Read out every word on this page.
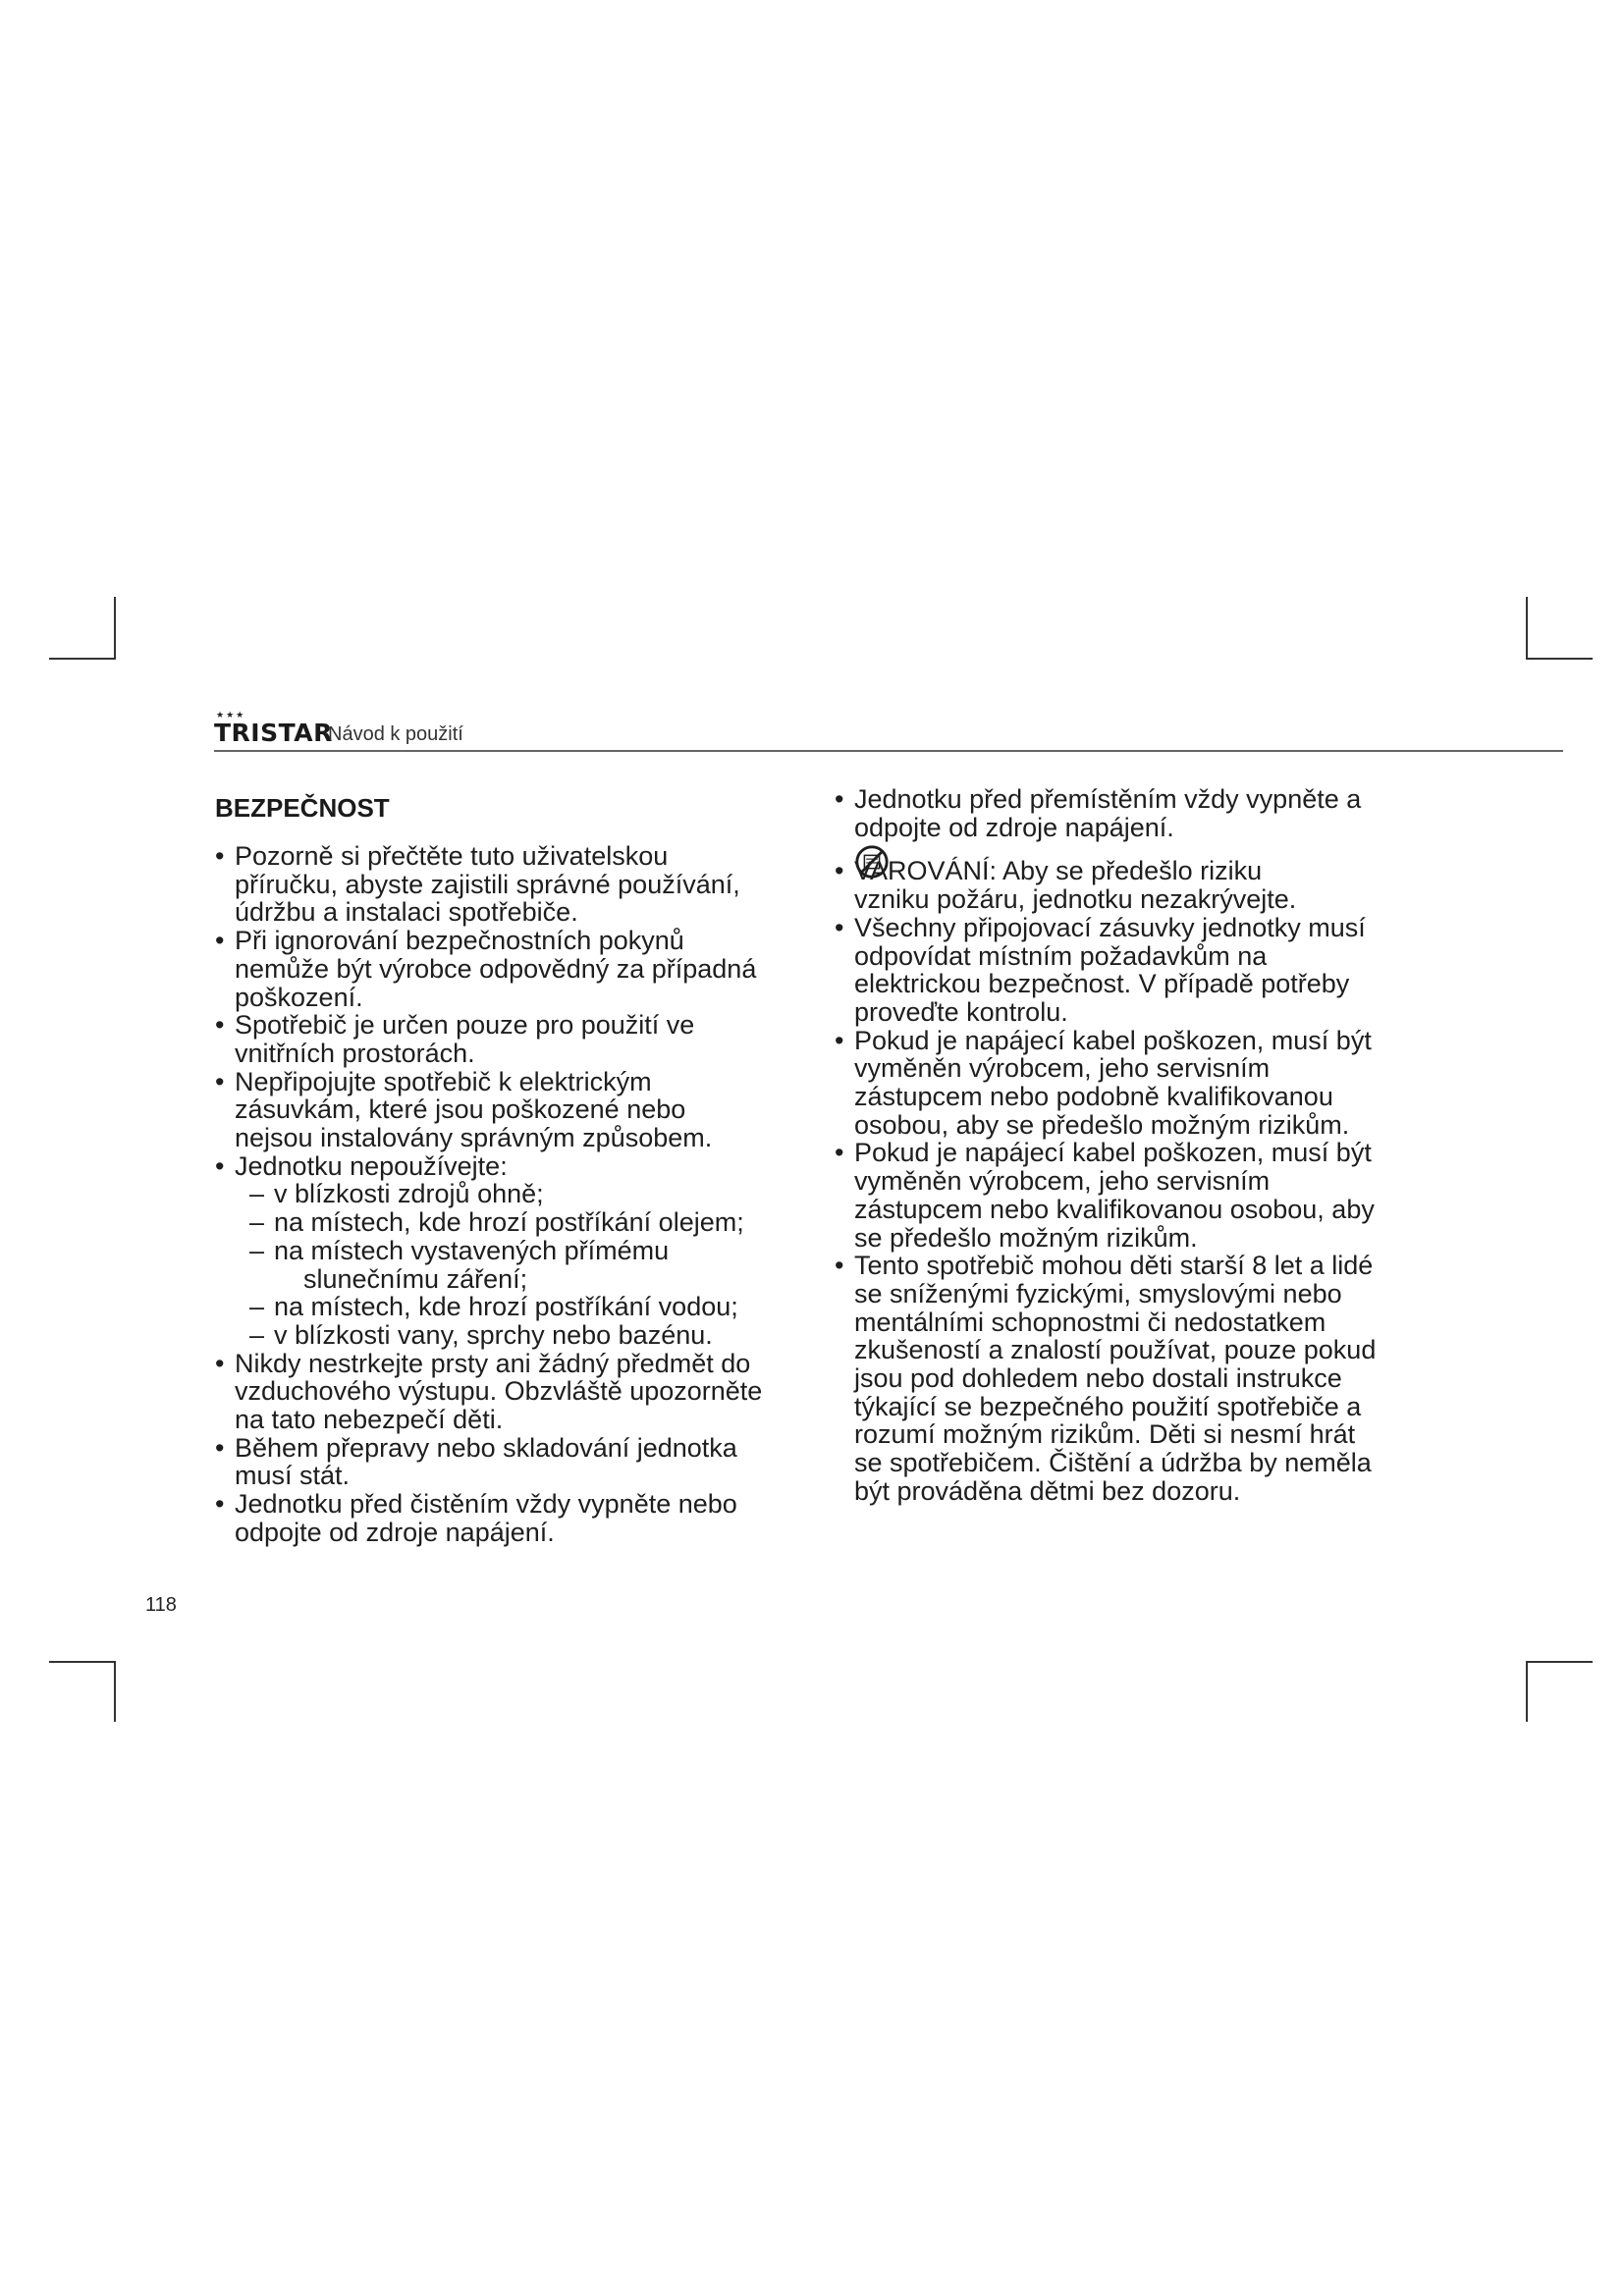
★★★
TRISTAR
Návod k použití
BEZPEČNOST

• Pozorně si přečtěte tuto uživatelskou
příručku, abyste zajistili správné používání,
údržbu a instalaci spotřebiče.

• Při ignorování bezpečnostních pokynů
nemůže být výrobce odpovědný za případná
poškození.

• Spotřebič je určen pouze pro použití ve
vnitřních prostorách.

• Nepřipojujte spotřebič k elektrickým
zásuvkám, které jsou poškozené nebo
nejsou instalovány správným způsobem.

• Jednotku nepoužívejte:

– v blízkosti zdrojů ohně;

– na místech, kde hrozí postříkání olejem;

– na místech vystavených přímému
slunečnímu záření;

– na místech, kde hrozí postříkání vodou;

– v blízkosti vany, sprchy nebo bazénu.

• Nikdy nestrkejte prsty ani žádný předmět do
vzduchového výstupu. Obzvláště upozorněte
na tato nebezpečí děti.

• Během přepravy nebo skladování jednotka
musí stát.

• Jednotku před čistěním vždy vypněte nebo
odpojte od zdroje napájení.

• Jednotku před přemístěním vždy vypněte a
odpojte od zdroje napájení.

• VAROVÁNÍ: Aby se předešlo riziku
vzniku požáru, jednotku nezakrývejte.

• Všechny připojovací zásuvky jednotky musí
odpovídat místním požadavkům na
elektrickou bezpečnost. V případě potřeby
proveďte kontrolu.

• Pokud je napájecí kabel poškozen, musí být
vyměněn výrobcem, jeho servisním
zástupcem nebo podobně kvalifikovanou
osobou, aby se předešlo možným rizikům.

• Pokud je napájecí kabel poškozen, musí být
vyměněn výrobcem, jeho servisním
zástupcem nebo kvalifikovanou osobou, aby
se předešlo možným rizikům.

• Tento spotřebič mohou děti starší 8 let a lidé
se sníženými fyzickými, smyslovými nebo
mentálními schopnostmi či nedostatkem
zkušeností a znalostí používat, pouze pokud
jsou pod dohledem nebo dostali instrukce
týkající se bezpečného použití spotřebiče a
rozumí možným rizikům. Děti si nesmí hrát
se spotřebičem. Čištění a údržba by neměla
být prováděna dětmi bez dozoru.

118
